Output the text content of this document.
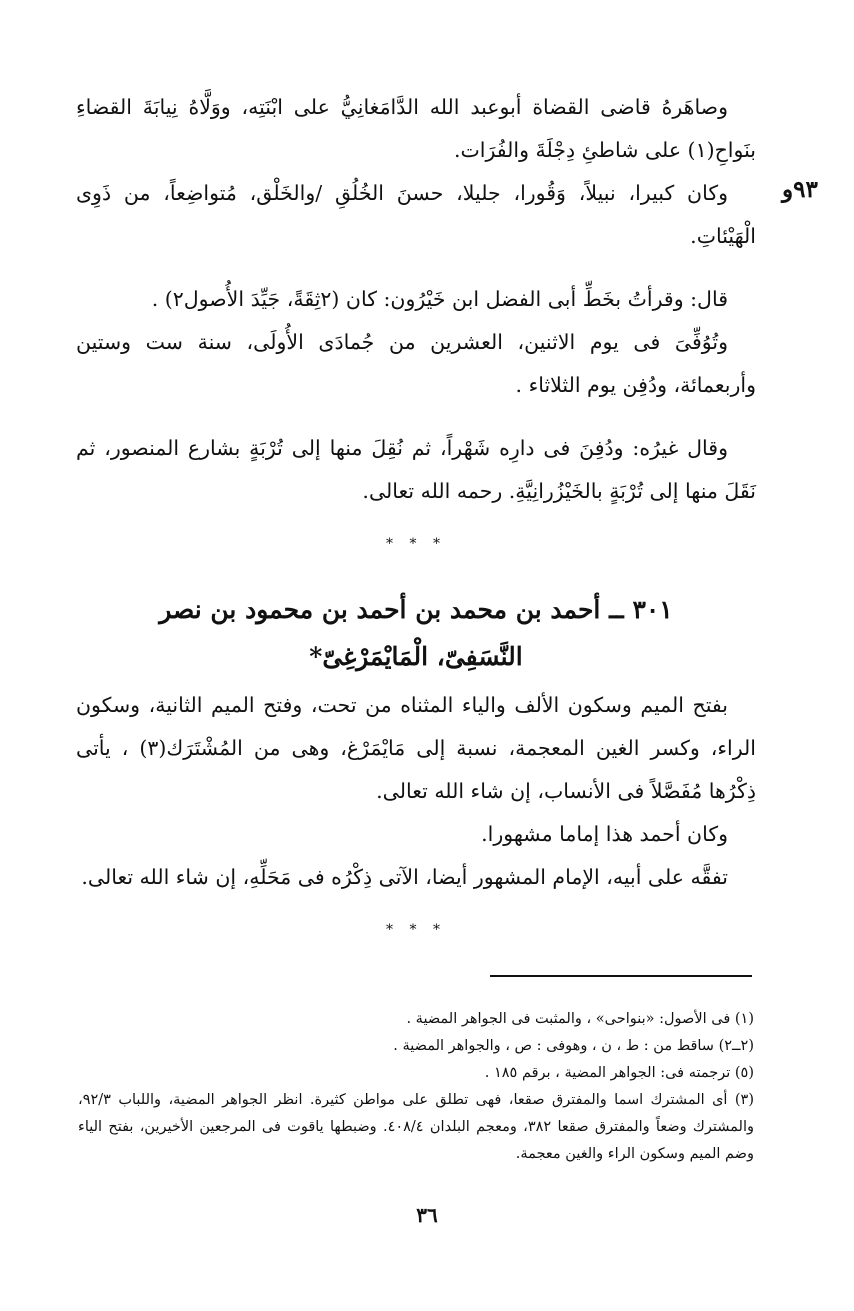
٩٣و

وصاهَرهُ قاضى القضاة أبوعبد الله الدَّامَغانِيُّ على ابْنَتِه، ووَلَّاهُ نِيابَةَ القضاءِ بنَواحِ(١) على شاطئِ دِجْلَةَ والفُرَات.

وكان كبيرا، نبيلاً، وَقُورا، جليلا، حسنَ الخُلُقِ /والخَلْق، مُتواضِعاً، من ذَوِى الْهَيْئاتِ.

قال: وقرأتُ بخَطِّ أبى الفضل ابن خَيْرُون: كان (٢ثِقَةً، جَيِّدَ الأُصول٢) .

وتُوُفِّىَ فى يوم الاثنين، العشرين من جُمادَى الأُولَى، سنة ست وستين وأربعمائة، ودُفِن يوم الثلاثاء .

وقال غيرُه: ودُفِنَ فى دارِه شَهْراً، ثم نُقِلَ منها إلى تُرْبَةٍ بشارع المنصور، ثم نَقَلَ منها إلى تُرْبَةٍ بالخَيْزُرانِيَّةِ. رحمه الله تعالى.

* * *
٣٠١ ــ أحمد بن محمد بن أحمد بن محمود بن نصر
النَّسَفِىّ، الْمَايْمَرْغِىّ*

بفتح الميم وسكون الألف والياء المثناه من تحت، وفتح الميم الثانية، وسكون الراء، وكسر الغين المعجمة، نسبة إلى مَايْمَرْغ، وهى من المُشْتَرَك(٣) ، يأتى ذِكْرُها مُفَصَّلاً فى الأنساب، إن شاء الله تعالى.

وكان أحمد هذا إماما مشهورا.

تفقَّه على أبيه، الإمام المشهور أيضا، الآتى ذِكْرُه فى مَحَلِّهِ، إن شاء الله تعالى.

* * *

(١) فى الأصول: «بنواحى» ، والمثبت فى الجواهر المضية .

(٢ــ٢) ساقط من : ط ، ن ، وهوفى : ص ، والجواهر المضية .

(٥) ترجمته فى: الجواهر المضية ، برقم ١٨٥ .

(٣) أى المشترك اسما والمفترق صقعا، فهى تطلق على مواطن كثيرة. انظر الجواهر المضية، واللباب ٩٢/٣، والمشترك وضعاً والمفترق صقعا ٣٨٢، ومعجم البلدان ٤٠٨/٤. وضبطها ياقوت فى المرجعين الأخيرين، بفتح الياء وضم الميم وسكون الراء والغين معجمة.

٣٦
